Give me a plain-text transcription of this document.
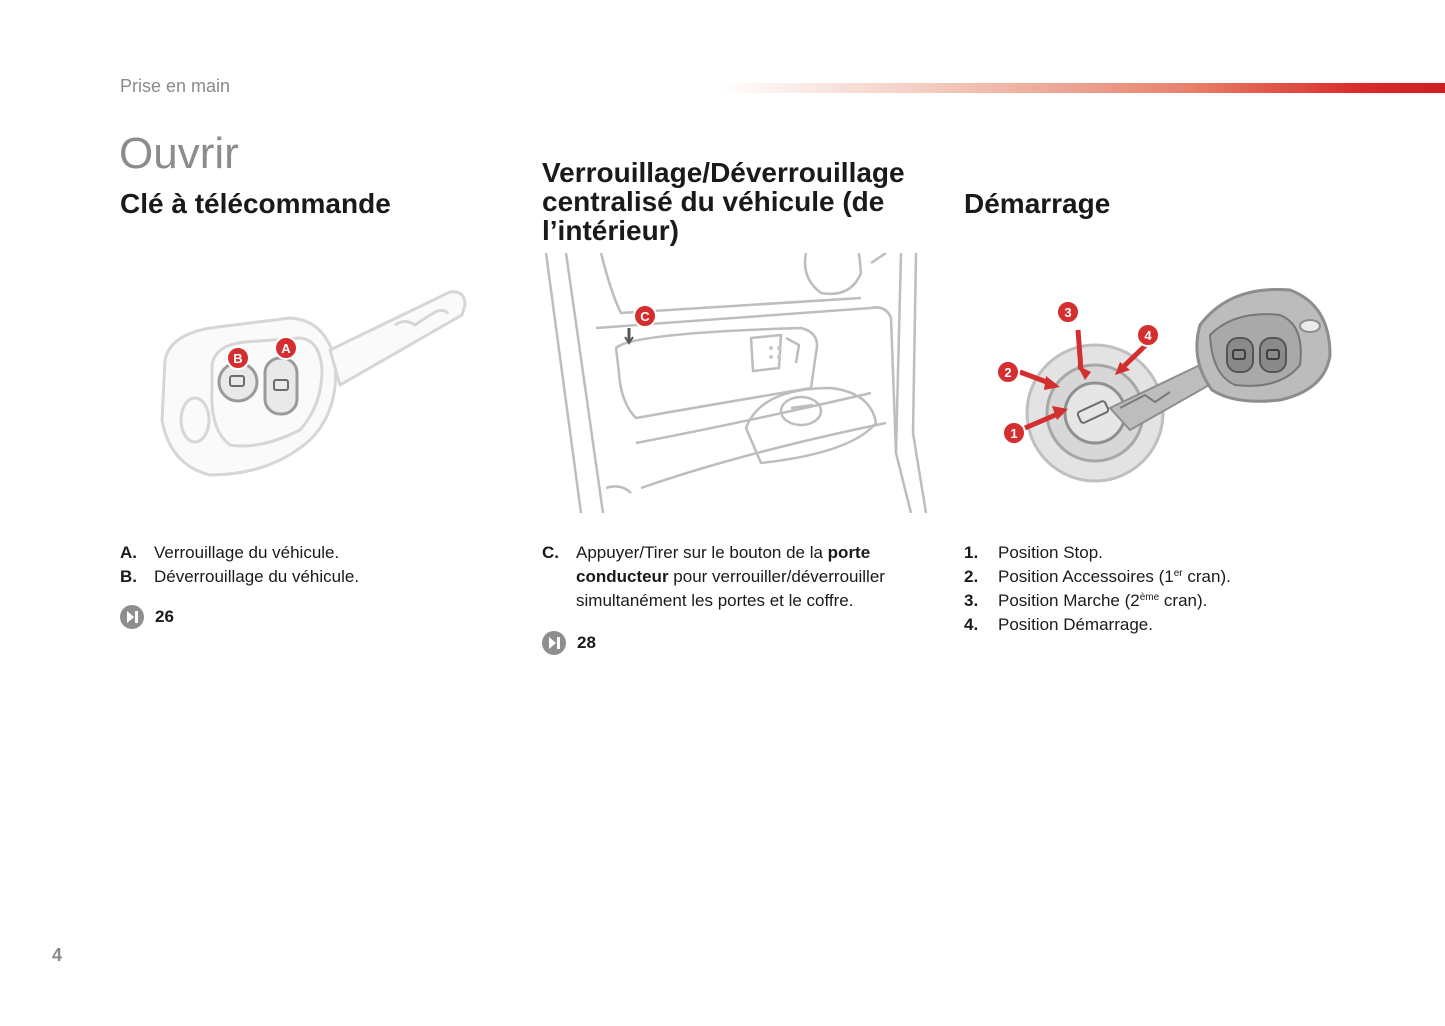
Prise en main
Ouvrir
Clé à télécommande
Verrouillage/Déverrouillage centralisé du véhicule (de l’intérieur)
Démarrage
B
A
C	3
4
2
1
A.	Verrouillage du véhicule.
B.	Déverrouillage du véhicule.
26
C.	Appuyer/Tirer sur le bouton de la porte conducteur pour verrouiller/déverrouiller simultanément les portes et le coffre.
28
1.	Position Stop.
2.	Position Accessoires (1er cran).
3.	Position Marche (2ème cran).
4.	Position Démarrage.
4
